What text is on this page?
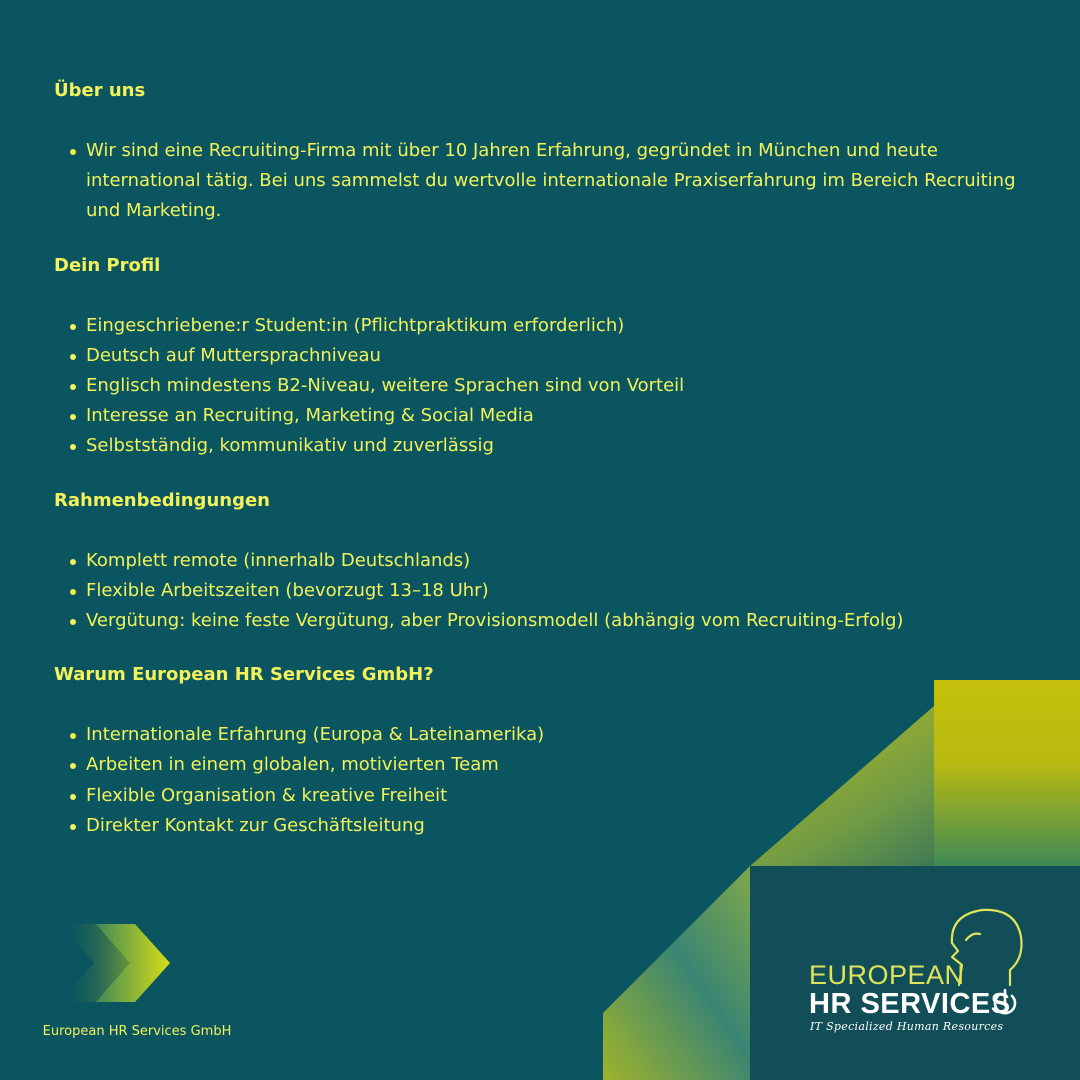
Über uns
Wir sind eine Recruiting-Firma mit über 10 Jahren Erfahrung, gegründet in München und heute international tätig. Bei uns sammelst du wertvolle internationale Praxiserfahrung im Bereich Recruiting und Marketing.
Dein Profil
Eingeschriebene:r Student:in (Pflichtpraktikum erforderlich)
Deutsch auf Muttersprachniveau
Englisch mindestens B2-Niveau, weitere Sprachen sind von Vorteil
Interesse an Recruiting, Marketing & Social Media
Selbstständig, kommunikativ und zuverlässig
Rahmenbedingungen
Komplett remote (innerhalb Deutschlands)
Flexible Arbeitszeiten (bevorzugt 13–18 Uhr)
Vergütung: keine feste Vergütung, aber Provisionsmodell (abhängig vom Recruiting-Erfolg)
Warum European HR Services GmbH?
Internationale Erfahrung (Europa & Lateinamerika)
Arbeiten in einem globalen, motivierten Team
Flexible Organisation & kreative Freiheit
Direkter Kontakt zur Geschäftsleitung
European HR Services GmbH
EUROPEAN
HR SERVICES
IT Specialized Human Resources
